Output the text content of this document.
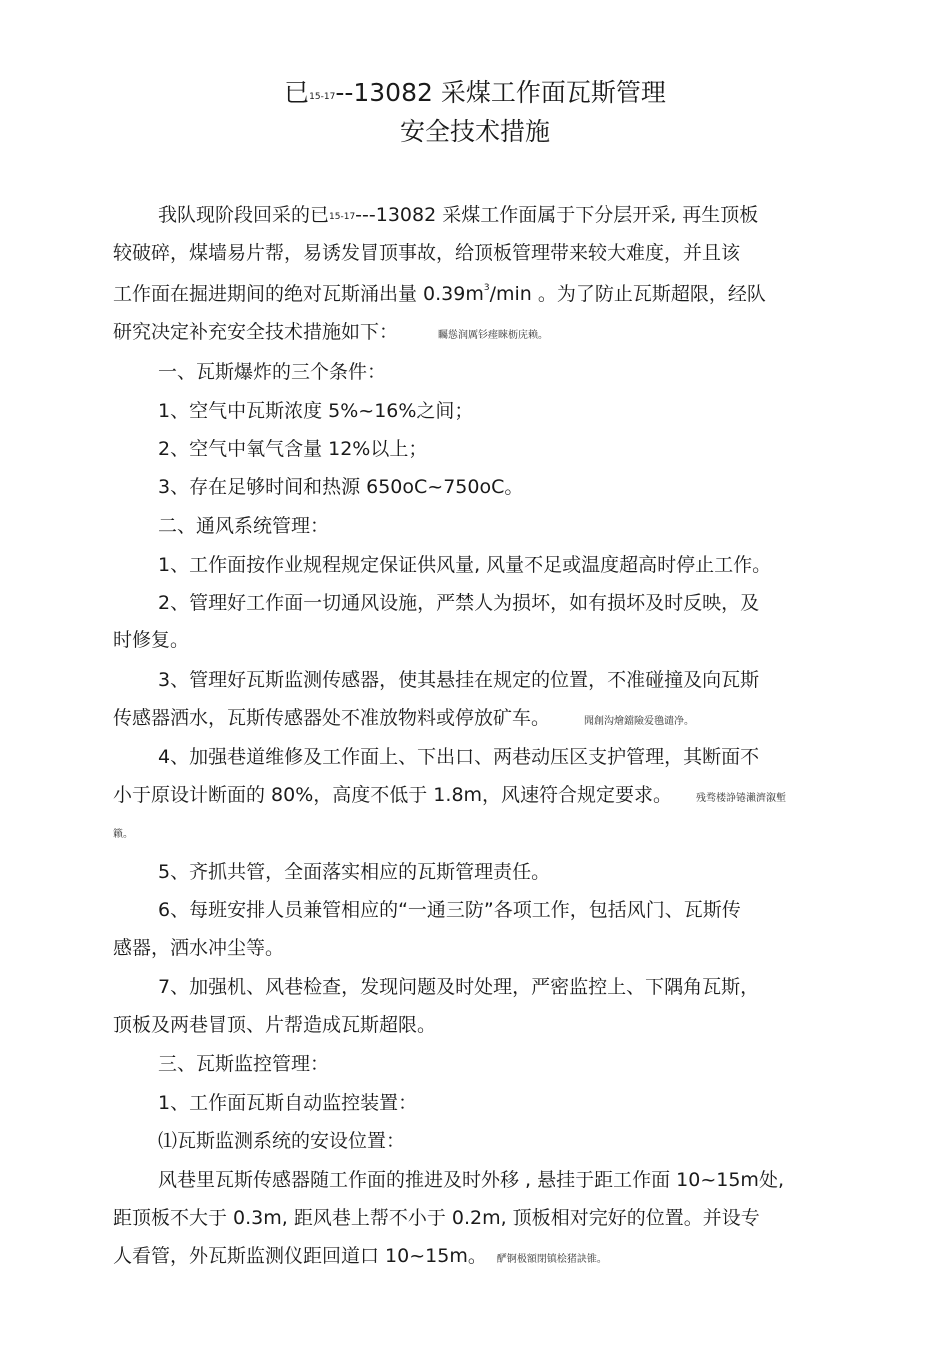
已15-17--13082 采煤工作面瓦斯管理
安全技术措施
我队现阶段回采的已15-17---13082 采煤工作面属于下分层开采, 再生顶板
较破碎，煤墙易片帮，易诱发冒顶事故，给顶板管理带来较大难度，并且该
工作面在掘进期间的绝对瓦斯涌出量 $0.39m^3/\min$ 。为了防止瓦斯超限，经队
研究决定补充安全技术措施如下：	矚慫润厲钐瘗睞枥庑赖。
一、瓦斯爆炸的三个条件：
1、空气中瓦斯浓度 5%~16%之间；
2、空气中氧气含量 12%以上；
3、存在足够时间和热源 650oC~750oC。
二、通风系统管理：
1、工作面按作业规程规定保证供风量, 风量不足或温度超高时停止工作。
2、管理好工作面一切通风设施，严禁人为损坏，如有损坏及时反映，及
时修复。
3、管理好瓦斯监测传感器，使其悬挂在规定的位置，不准碰撞及向瓦斯
传感器洒水，瓦斯传感器处不准放物料或停放矿车。	聞創沟燴鐺險爱氇谴净。
4、加强巷道维修及工作面上、下出口、两巷动压区支护管理，其断面不
小于原设计断面的 80%，高度不低于 1.8m，风速符合规定要求。 残骛楼諍锩瀨濟溆塹
籟。
5、齐抓共管，全面落实相应的瓦斯管理责任。
6、每班安排人员兼管相应的“一通三防”各项工作，包括风门、瓦斯传
感器，洒水冲尘等。
7、加强机、风巷检查，发现问题及时处理，严密监控上、下隅角瓦斯，
顶板及两巷冒顶、片帮造成瓦斯超限。
三、瓦斯监控管理：
1、工作面瓦斯自动监控装置：
⑴瓦斯监测系统的安设位置：
风巷里瓦斯传感器随工作面的推进及时外移 , 悬挂于距工作面 10~15m处,
距顶板不大于 0.3m, 距风巷上帮不小于 0.2m, 顶板相对完好的位置。并设专
人看管，外瓦斯监测仪距回道口 10~15m。 酽锕极額閉镇桧猪訣锥。
